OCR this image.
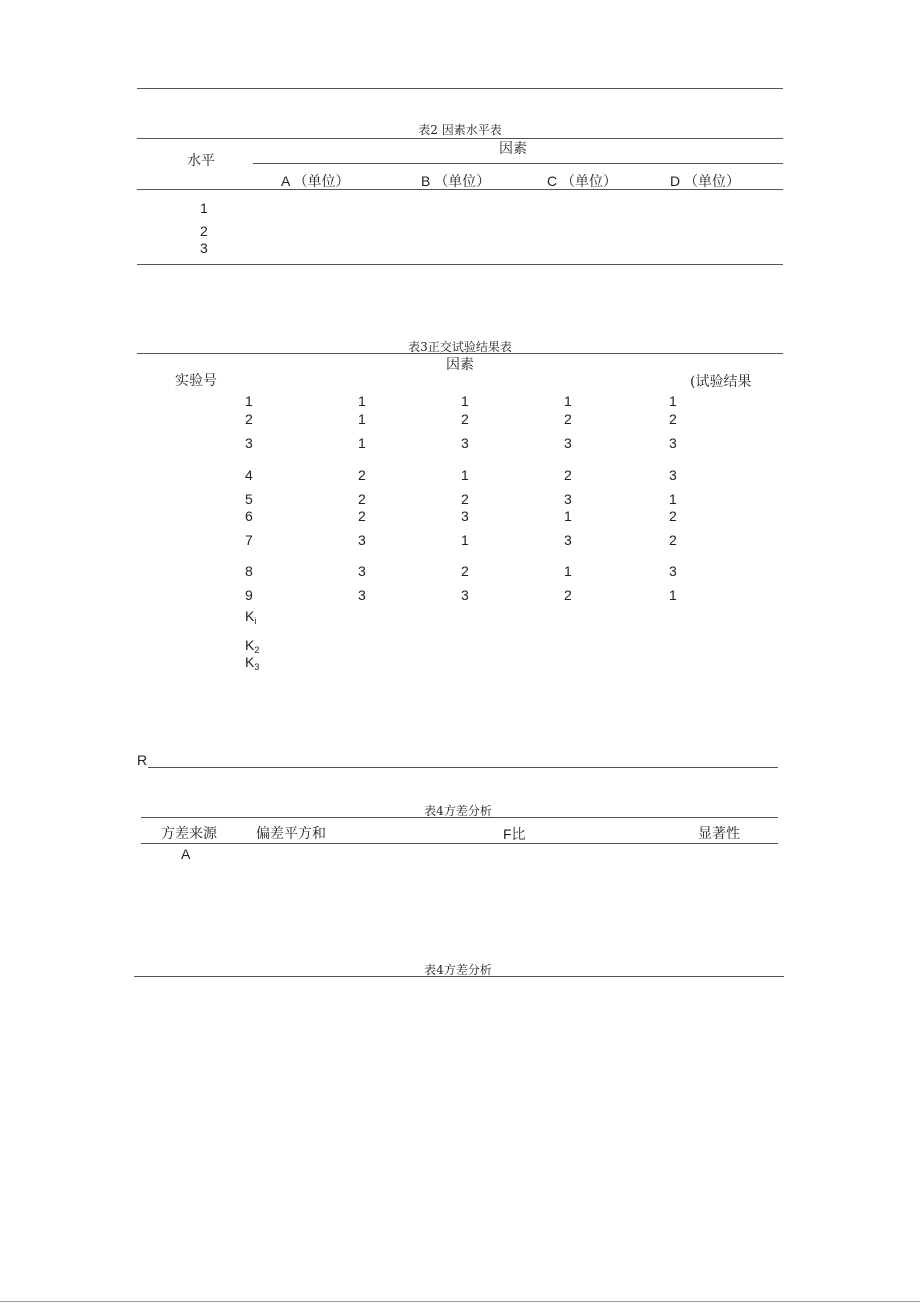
表2 因素水平表
水平
因素
A （单位）	B （单位）	C （单位）	D （单位）
1
2
3
表3正交试验结果表
因素
实验号	(试验结果
1	1	1	1	1
2	1	2	2	2
3	1	3	3	3
4	2	1	2	3
5	2	2	3	1
6	2	3	1	2
7	3	1	3	2
8	3	2	1	3
9	3	3	2	1
$K_i$
$K_2$
$K_3$
R
表4方差分析
方差来源	偏差平方和	F比	显著性
A
表4方差分析
